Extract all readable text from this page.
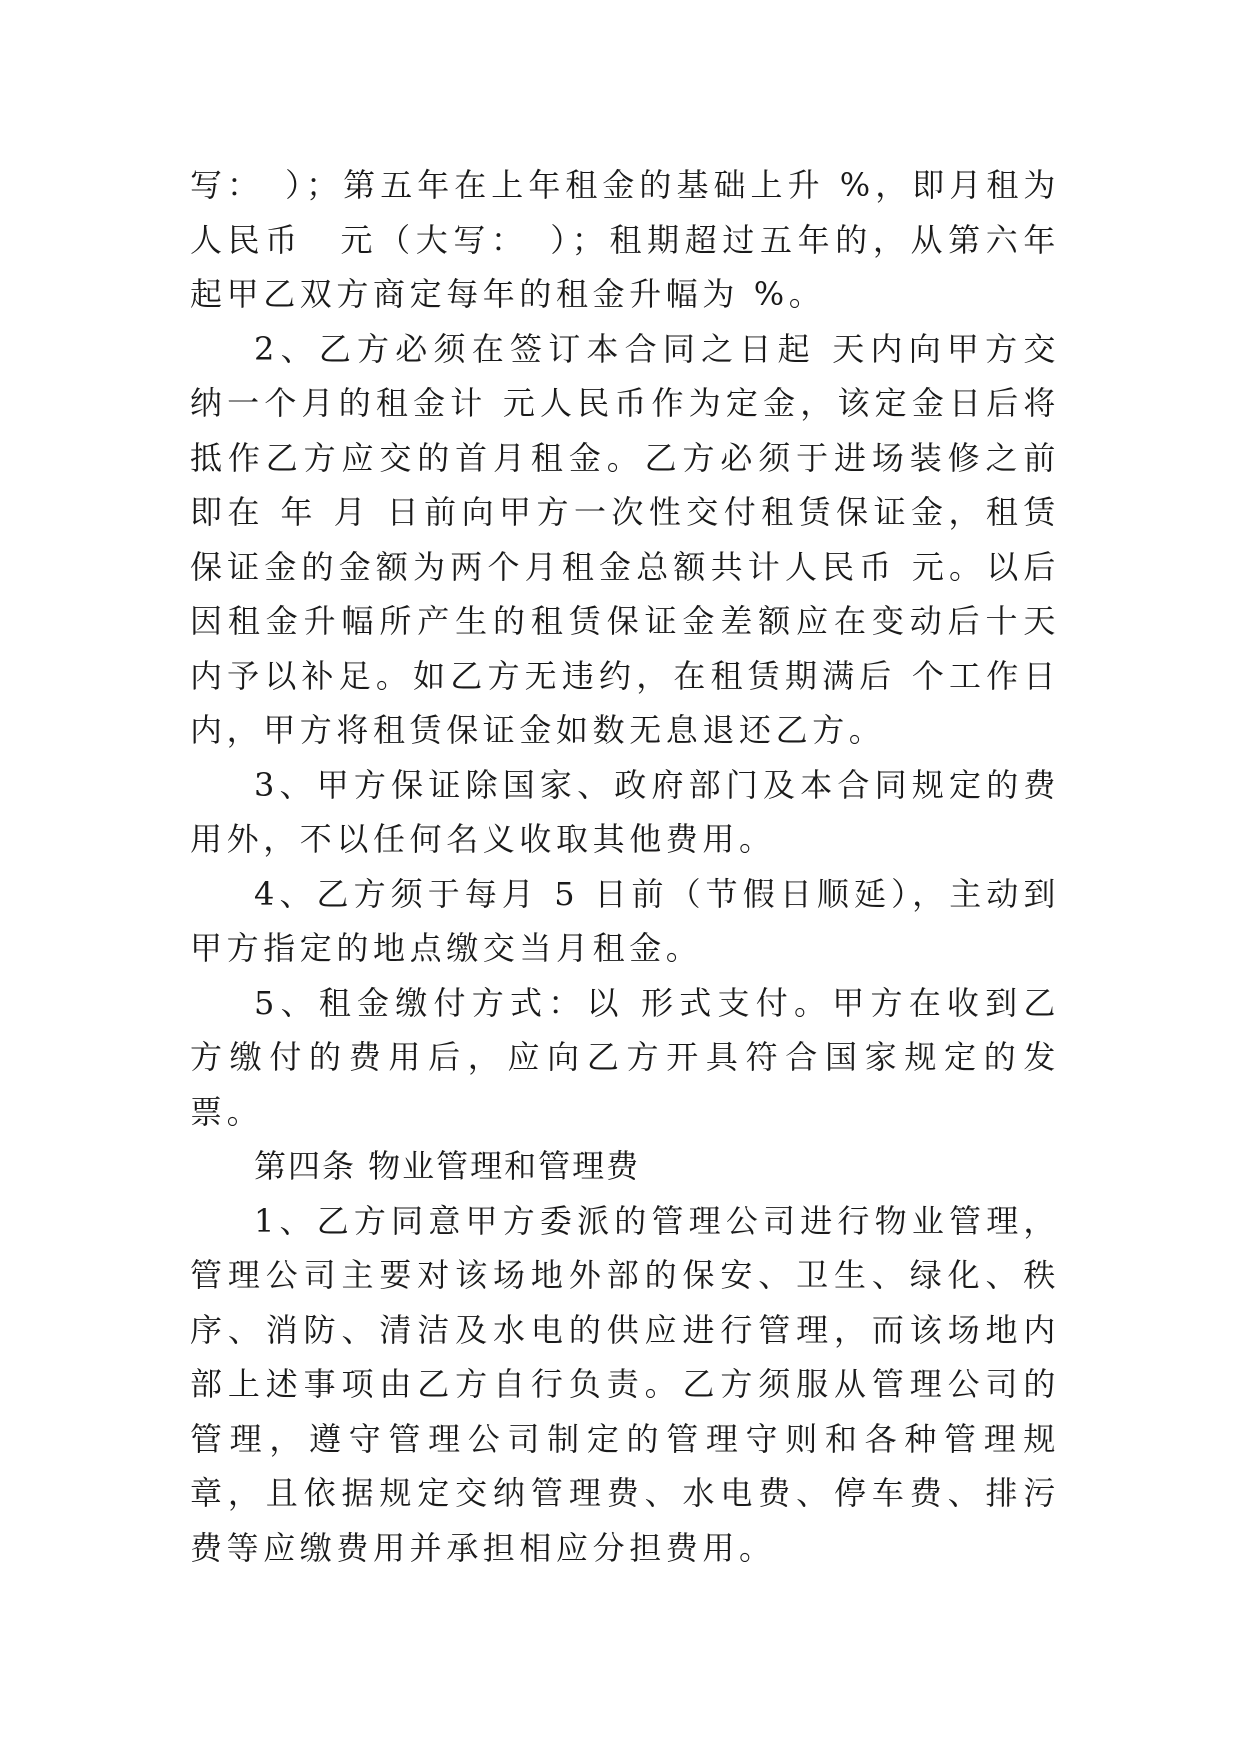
写：　）；第五年在上年租金的基础上升 %，即月租为人民币　元（大写：　）；租期超过五年的，从第六年起甲乙双方商定每年的租金升幅为 %。

2、乙方必须在签订本合同之日起 天内向甲方交纳一个月的租金计 元人民币作为定金，该定金日后将抵作乙方应交的首月租金。乙方必须于进场装修之前即在 年 月 日前向甲方一次性交付租赁保证金，租赁保证金的金额为两个月租金总额共计人民币 元。以后因租金升幅所产生的租赁保证金差额应在变动后十天内予以补足。如乙方无违约，在租赁期满后 个工作日内，甲方将租赁保证金如数无息退还乙方。

3、甲方保证除国家、政府部门及本合同规定的费用外，不以任何名义收取其他费用。

4、乙方须于每月 5 日前（节假日顺延），主动到甲方指定的地点缴交当月租金。

5、租金缴付方式：以 形式支付。甲方在收到乙方缴付的费用后，应向乙方开具符合国家规定的发票。

第四条 物业管理和管理费

1、乙方同意甲方委派的管理公司进行物业管理，管理公司主要对该场地外部的保安、卫生、绿化、秩序、消防、清洁及水电的供应进行管理，而该场地内部上述事项由乙方自行负责。乙方须服从管理公司的管理，遵守管理公司制定的管理守则和各种管理规章，且依据规定交纳管理费、水电费、停车费、排污费等应缴费用并承担相应分担费用。
